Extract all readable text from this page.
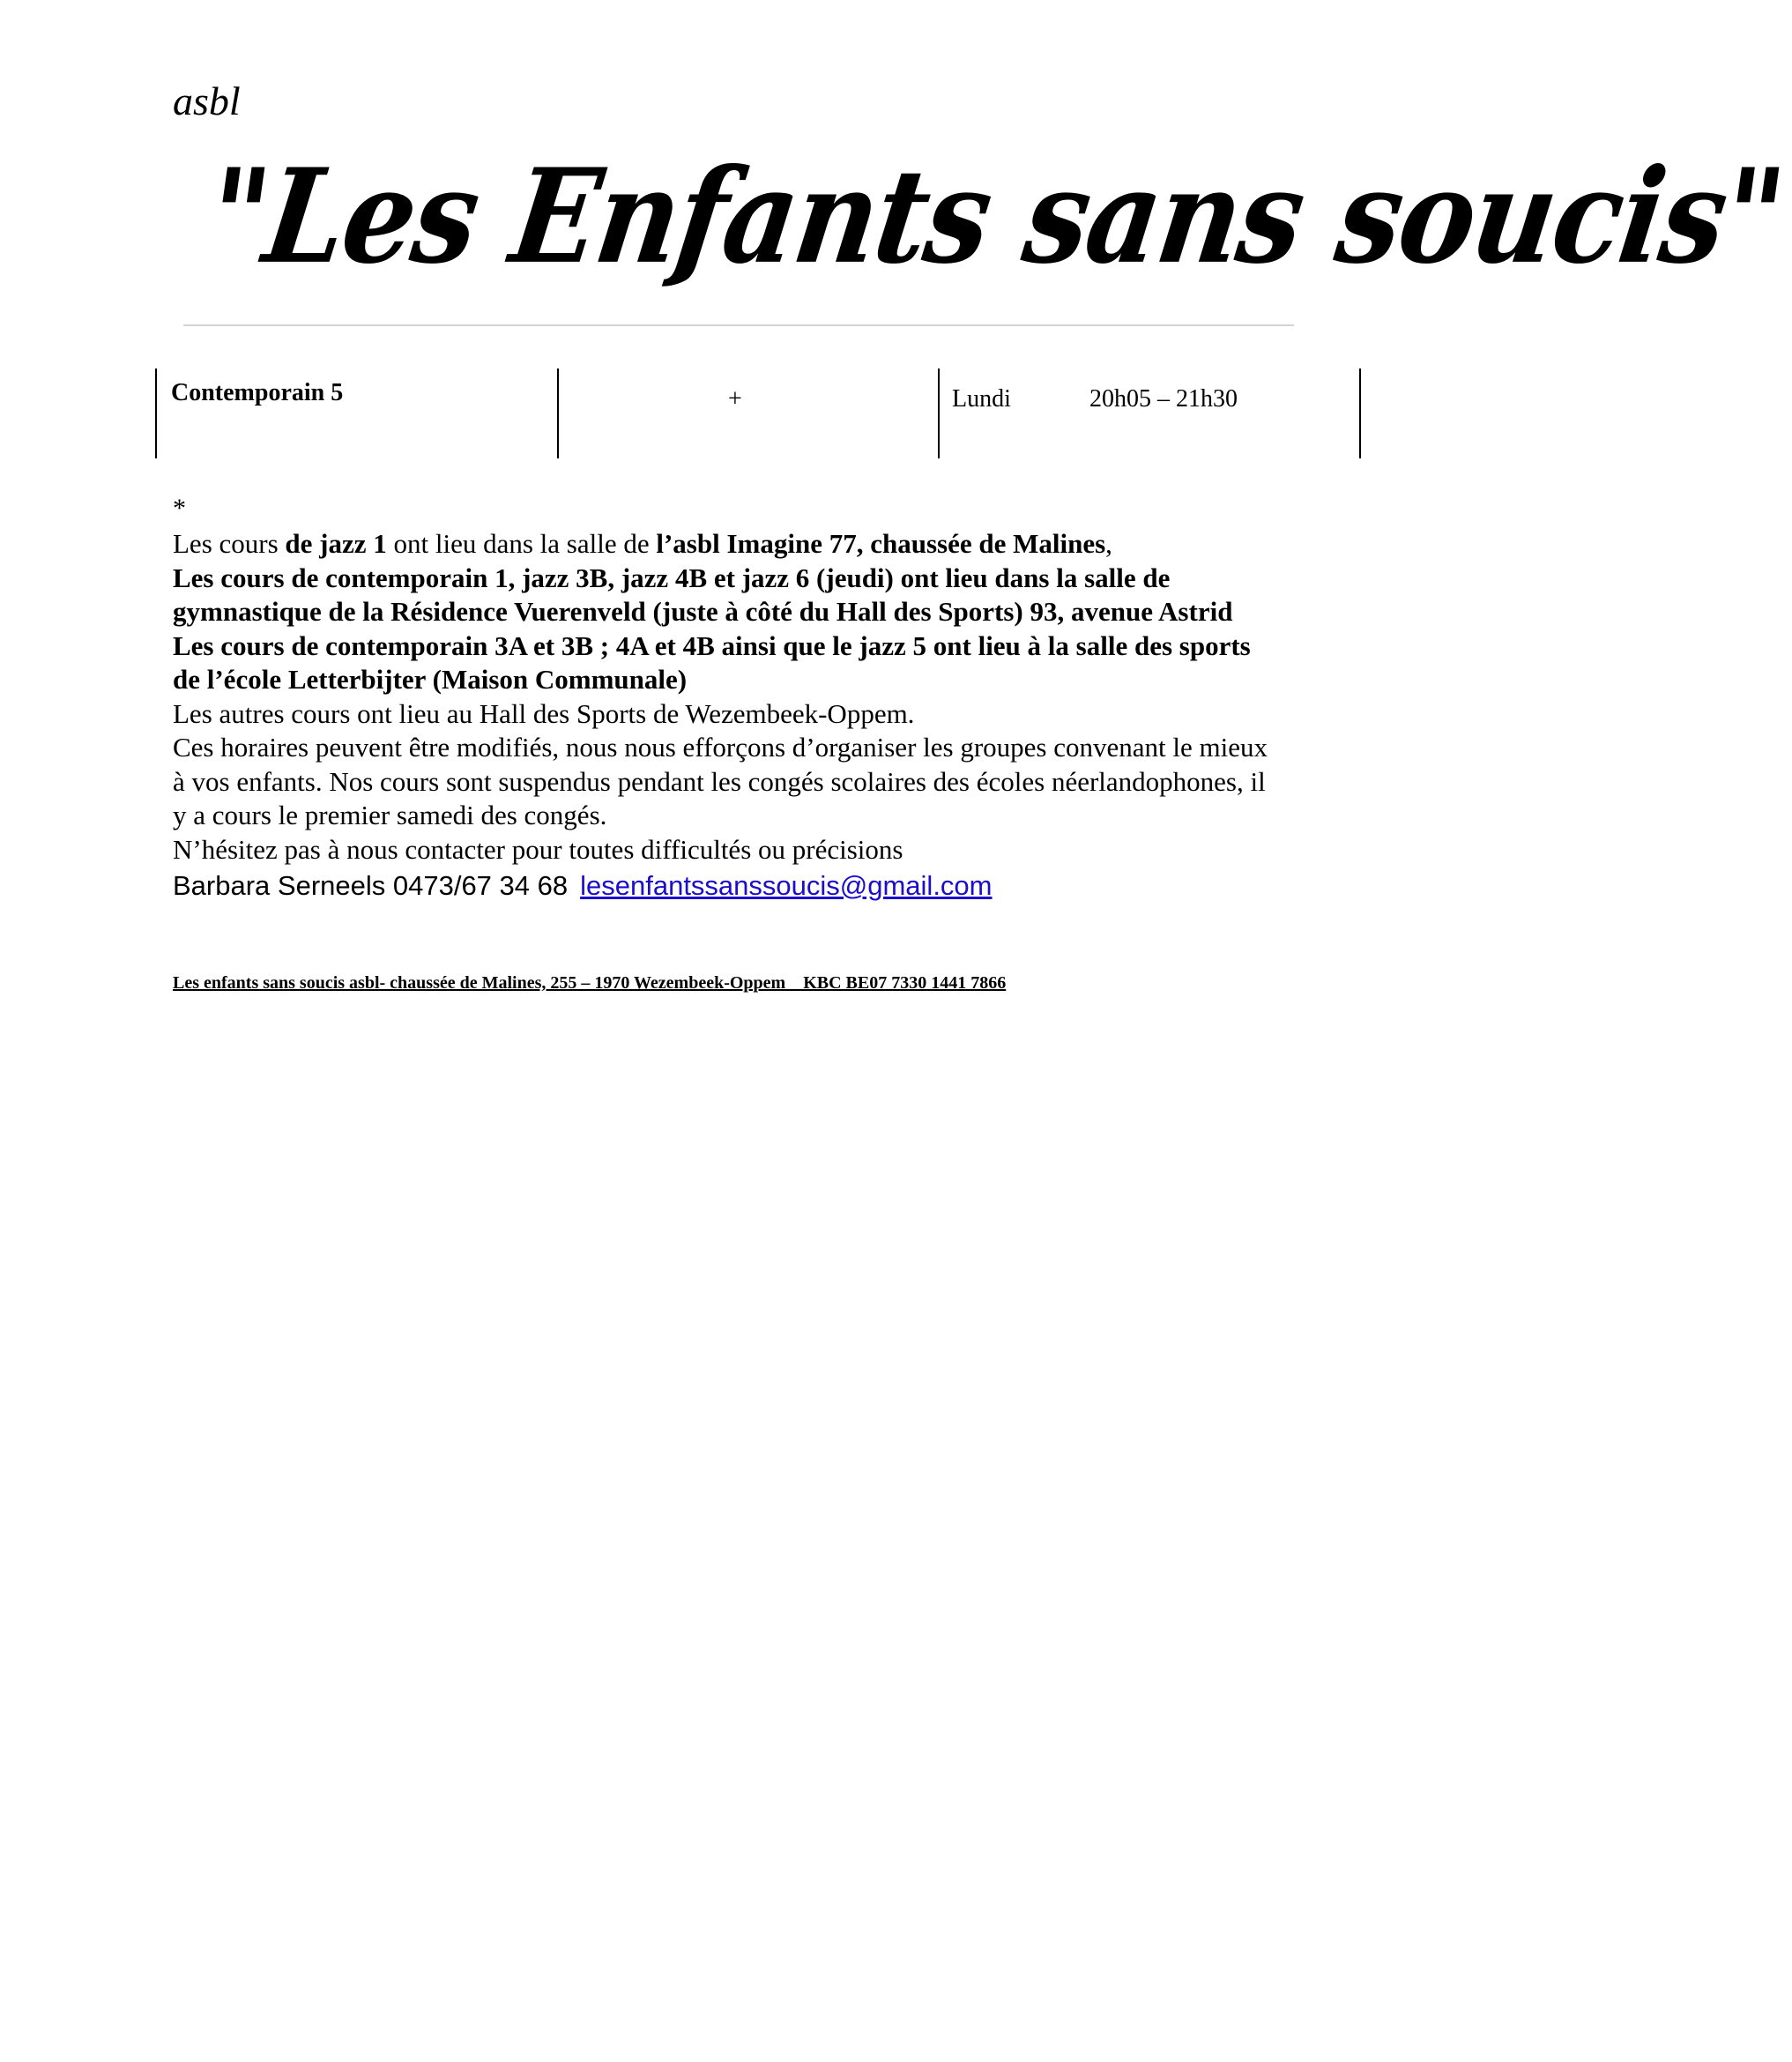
asbl
"Les Enfants sans soucis"
Contemporain 5	+	Lundi	20h05 – 21h30
*

Les cours de jazz 1 ont lieu dans la salle de l’asbl Imagine 77, chaussée de Malines,

Les cours de contemporain 1, jazz 3B, jazz 4B et jazz 6 (jeudi) ont lieu dans la salle de gymnastique de la Résidence Vuerenveld (juste à côté du Hall des Sports) 93, avenue Astrid

Les cours de contemporain 3A et 3B ; 4A et 4B ainsi que le jazz 5 ont lieu à la salle des sports de l’école Letterbijter (Maison Communale)

Les autres cours ont lieu au Hall des Sports de Wezembeek-Oppem.

Ces horaires peuvent être modifiés, nous nous efforçons d’organiser les groupes convenant le mieux à vos enfants. Nos cours sont suspendus pendant les congés scolaires des écoles néerlandophones, il y a cours le premier samedi des congés.

N’hésitez pas à nous contacter pour toutes difficultés ou précisions

Barbara Serneels 0473/67 34 68 lesenfantssanssoucis@gmail.com

Les enfants sans soucis asbl- chaussée de Malines, 255 – 1970 Wezembeek-Oppem    KBC BE07 7330 1441 7866
